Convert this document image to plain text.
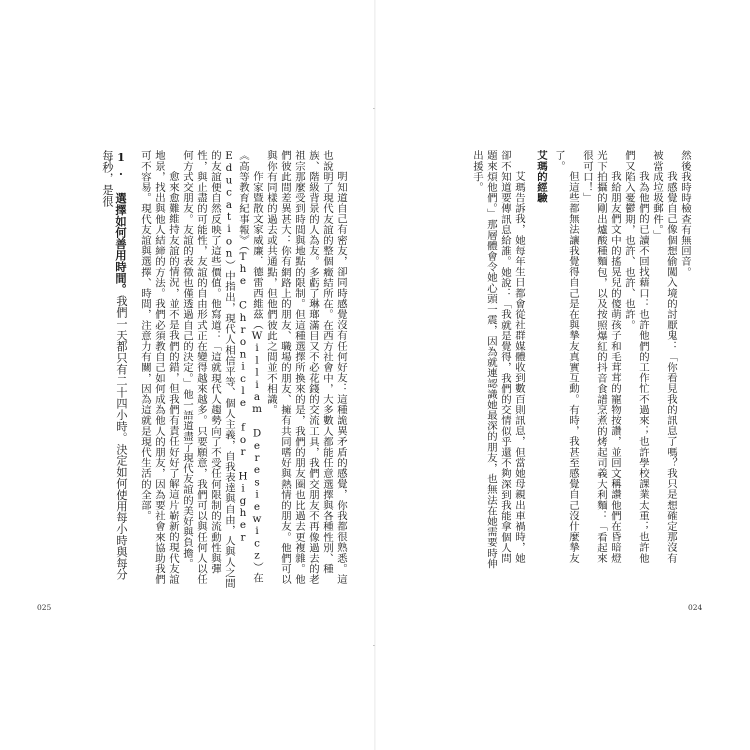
·
·

然後我時時檢查有無回音。

我感覺自己像個想偷闖入境的討厭鬼：「你看見我的訊息了嗎？我只是想確定那沒有被當成垃圾郵件。」

我為他們的已讀不回找藉口：也許他們的工作忙不過來；也許學校課業太重；也許他們又陷入憂鬱期，也許、也許、也許。

我給朋友們文中的搖晃兒的傻萌孩子和毛茸茸的寵物按讚，並回文稱讚他們在昏暗燈光下拍攝的剛出爐酸種麵包，以及按照爆紅的抖音食譜烹煮的烤起司義大利麵：「看起來很可口！」

但這些都無法讓我覺得自己是在與摯友真實互動。有時，我甚至感覺自己沒什麼摯友了。

艾瑪的經驗

艾瑪告訴我，她每年生日都會從社群媒體收到數百則訊息，但當她母親出車禍時，她卻不知道要傳訊息給誰。她說：「我就是覺得，我們的交情似乎還不夠深到我能拿個人問題來煩他們。」那層體會令她心頭一震，因為就連認識她最深的朋友，也無法在她需要時伸出援手。

024

明知道自己有密友，卻同時感覺沒有任何好友：這種詭異矛盾的感覺，你我都很熟悉。這也說明了現代友誼的整個癥結所在。在西方社會中，大多數人都能任意選擇與各種性別、種族、階級背景的人為友。多虧了琳瑯滿目又不必花錢的交流工具，我們交朋友不再像過去的老祖宗那麼受到時間與地點的限制。但這種選擇所換來的是，我們的朋友圈也比過去更複雜。他們彼此間差異甚大：你有網路上的朋友、職場的朋友、擁有共同嗜好與熱情的朋友。他們可以與你有同樣的過去或共通點，但他們彼此之間並不相識。

作家暨散文家威廉．德雷西維茲（William Deresiewicz）在《高等教育紀事報》（The Chronicle for Higher Education）中指出，現代人相信平等、個人主義，自我表達與自由，人與人之間的友誼便自然反映了這些價值。他寫道：「這就現代人趨勢向了不受任何限制的流動性與彈性，與止盡的可能性，友誼的自由形式正在變得越來越多。只要願意，我們可以與任何人以任何方式交朋友。友誼的表徵也僅透過自己的決定。」他一語道盡了現代友誼的美好與負擔。

愈來愈難維持友誼的情況，並不是我們的錯，但我們有責任好好了解這片嶄新的現代友誼地景，找出與他人結締的方法。我們必須教自己如何成為他人的朋友，因為要社會來協助我們可不容易。現代友誼與選擇、時間，注意力有關，因為這就是現代生活的全部。

1. 選擇如何善用時間。我們一天都只有二十四小時。決定如何使用每小時與每分每秒，是很

025
